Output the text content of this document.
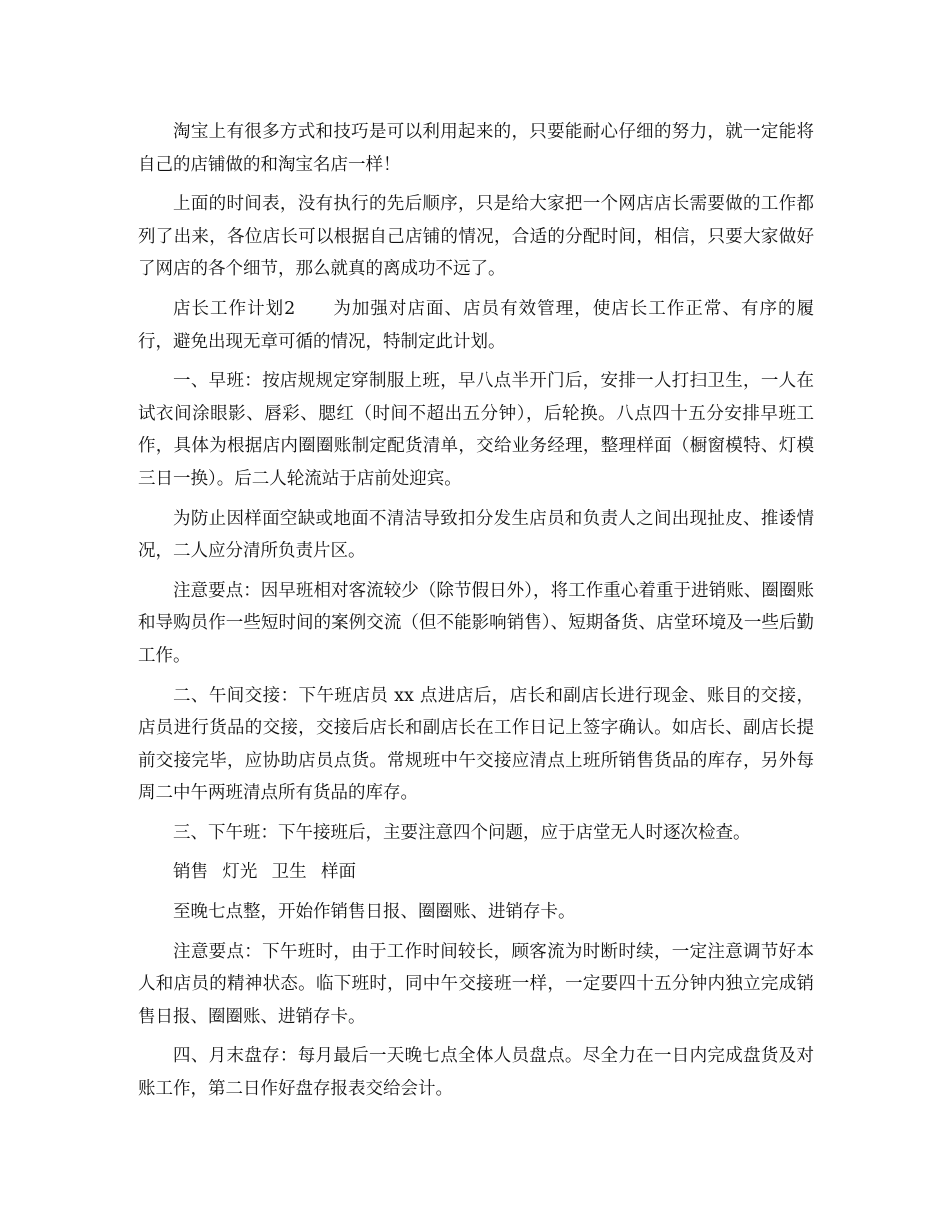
淘宝上有很多方式和技巧是可以利用起来的，只要能耐心仔细的努力，就一定能将自己的店铺做的和淘宝名店一样！

上面的时间表，没有执行的先后顺序，只是给大家把一个网店店长需要做的工作都列了出来，各位店长可以根据自己店铺的情况，合适的分配时间，相信，只要大家做好了网店的各个细节，那么就真的离成功不远了。

店长工作计划2　　为加强对店面、店员有效管理，使店长工作正常、有序的履行，避免出现无章可循的情况，特制定此计划。

一、早班：按店规规定穿制服上班，早八点半开门后，安排一人打扫卫生，一人在试衣间涂眼影、唇彩、腮红（时间不超出五分钟），后轮换。八点四十五分安排早班工作，具体为根据店内圈圈账制定配货清单，交给业务经理，整理样面（橱窗模特、灯模三日一换）。后二人轮流站于店前处迎宾。

为防止因样面空缺或地面不清洁导致扣分发生店员和负责人之间出现扯皮、推诿情况，二人应分清所负责片区。

注意要点：因早班相对客流较少（除节假日外），将工作重心着重于进销账、圈圈账和导购员作一些短时间的案例交流（但不能影响销售）、短期备货、店堂环境及一些后勤工作。

二、午间交接：下午班店员 xx 点进店后，店长和副店长进行现金、账目的交接，店员进行货品的交接，交接后店长和副店长在工作日记上签字确认。如店长、副店长提前交接完毕，应协助店员点货。常规班中午交接应清点上班所销售货品的库存，另外每周二中午两班清点所有货品的库存。

三、下午班：下午接班后，主要注意四个问题，应于店堂无人时逐次检查。

销售 灯光 卫生 样面

至晚七点整，开始作销售日报、圈圈账、进销存卡。

注意要点：下午班时，由于工作时间较长，顾客流为时断时续，一定注意调节好本人和店员的精神状态。临下班时，同中午交接班一样，一定要四十五分钟内独立完成销售日报、圈圈账、进销存卡。

四、月末盘存：每月最后一天晚七点全体人员盘点。尽全力在一日内完成盘货及对账工作，第二日作好盘存报表交给会计。
